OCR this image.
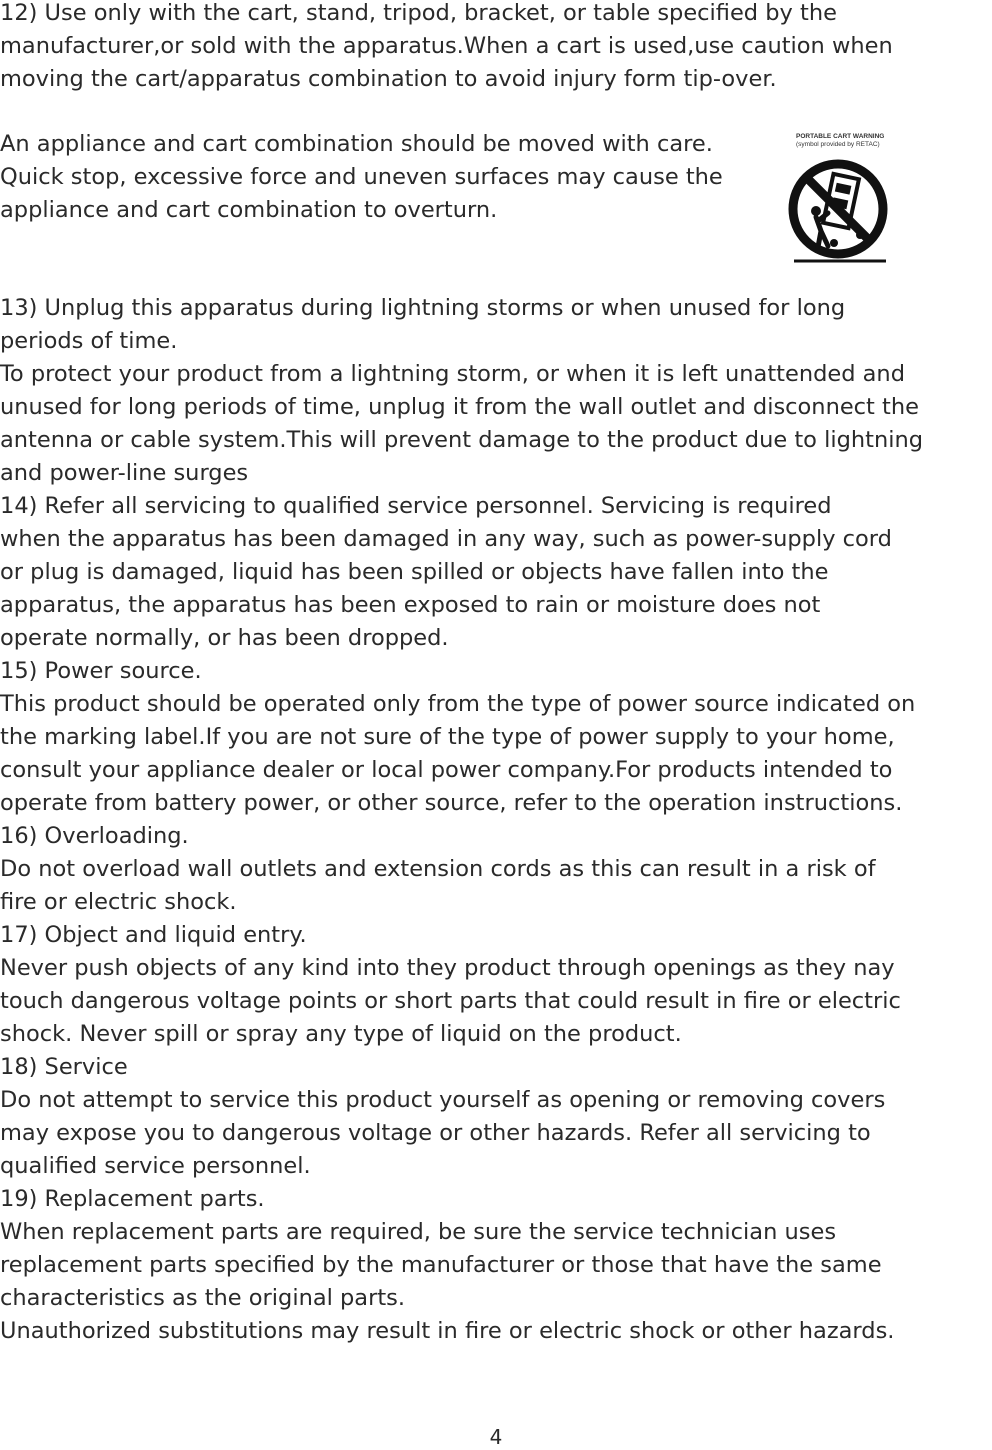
12) Use only with the cart, stand, tripod, bracket, or table specified by the
manufacturer,or sold with the apparatus.When a cart is used,use caution when
moving the cart/apparatus combination to avoid injury form tip-over.
An appliance and cart combination should be moved with care.
Quick stop, excessive force and uneven surfaces may cause the
appliance and cart combination to overturn.
PORTABLE CART WARNING
(symbol provided by RETAC)
13) Unplug this apparatus during lightning storms or when unused for long
periods of time.
To protect your product from a lightning storm, or when it is left unattended and
unused for long periods of time, unplug it from the wall outlet and disconnect the
antenna or cable system.This will prevent damage to the product due to lightning
and power-line surges
14) Refer all servicing to qualified service personnel. Servicing is required
when the apparatus has been damaged in any way, such as power-supply cord
or plug is damaged, liquid has been spilled or objects have fallen into the
apparatus, the apparatus has been exposed to rain or moisture does not
operate normally, or has been dropped.
15) Power source.
This product should be operated only from the type of power source indicated on
the marking label.If you are not sure of the type of power supply to your home,
consult your appliance dealer or local power company.For products intended to
operate from battery power, or other source, refer to the operation instructions.
16) Overloading.
Do not overload wall outlets and extension cords as this can result in a risk of
fire or electric shock.
17) Object and liquid entry.
Never push objects of any kind into they product through openings as they nay
touch dangerous voltage points or short parts that could result in fire or electric
shock. Never spill or spray any type of liquid on the product.
18) Service
Do not attempt to service this product yourself as opening or removing covers
may expose you to dangerous voltage or other hazards. Refer all servicing to
qualified service personnel.
19) Replacement parts.
When replacement parts are required, be sure the service technician uses
replacement parts specified by the manufacturer or those that have the same
characteristics as the original parts.
Unauthorized substitutions may result in fire or electric shock or other hazards.
4
